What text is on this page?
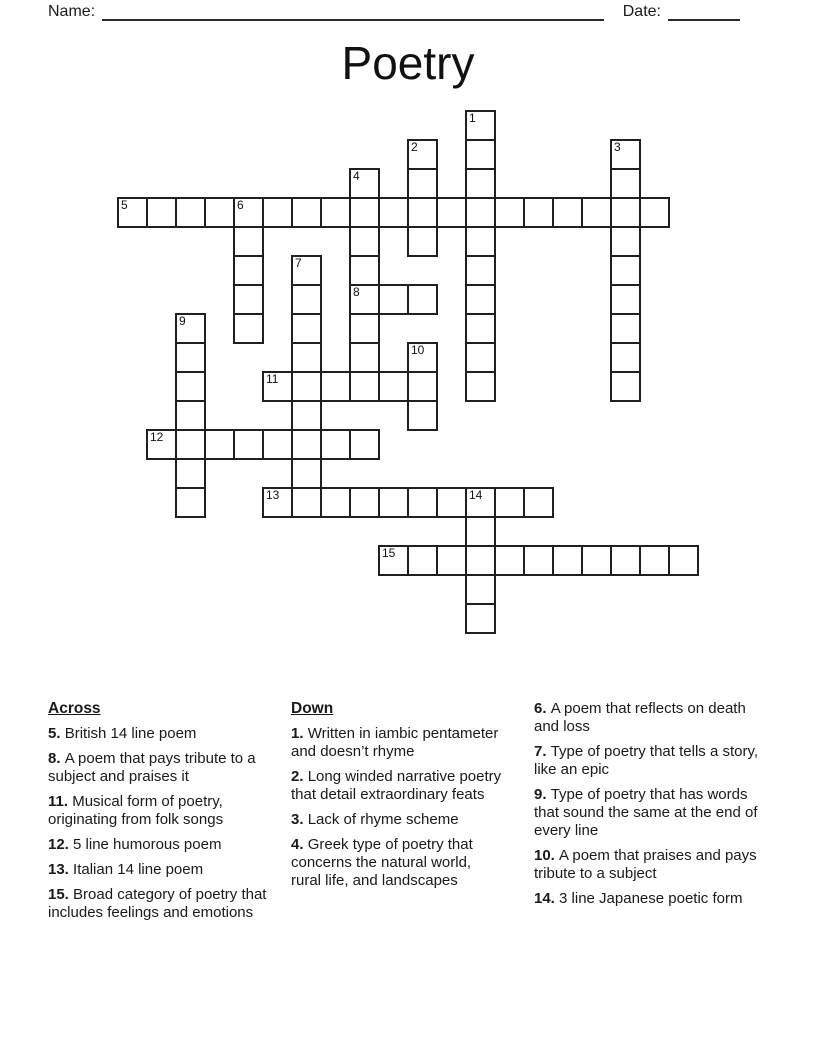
Name:	Date:
Poetry
1
2	3
4
5	6
7
8
9
10
11
12
13	14
15

Across

5. British 14 line poem

8. A poem that pays tribute to a subject and praises it

11. Musical form of poetry, originating from folk songs

12. 5 line humorous poem

13. Italian 14 line poem

15. Broad category of poetry that includes feelings and emotions

Down

1. Written in iambic pentameter and doesn’t rhyme

2. Long winded narrative poetry that detail extraordinary feats

3. Lack of rhyme scheme

4. Greek type of poetry that concerns the natural world, rural life, and landscapes

6. A poem that reflects on death and loss

7. Type of poetry that tells a story, like an epic

9. Type of poetry that has words that sound the same at the end of every line

10. A poem that praises and pays tribute to a subject

14. 3 line Japanese poetic form
